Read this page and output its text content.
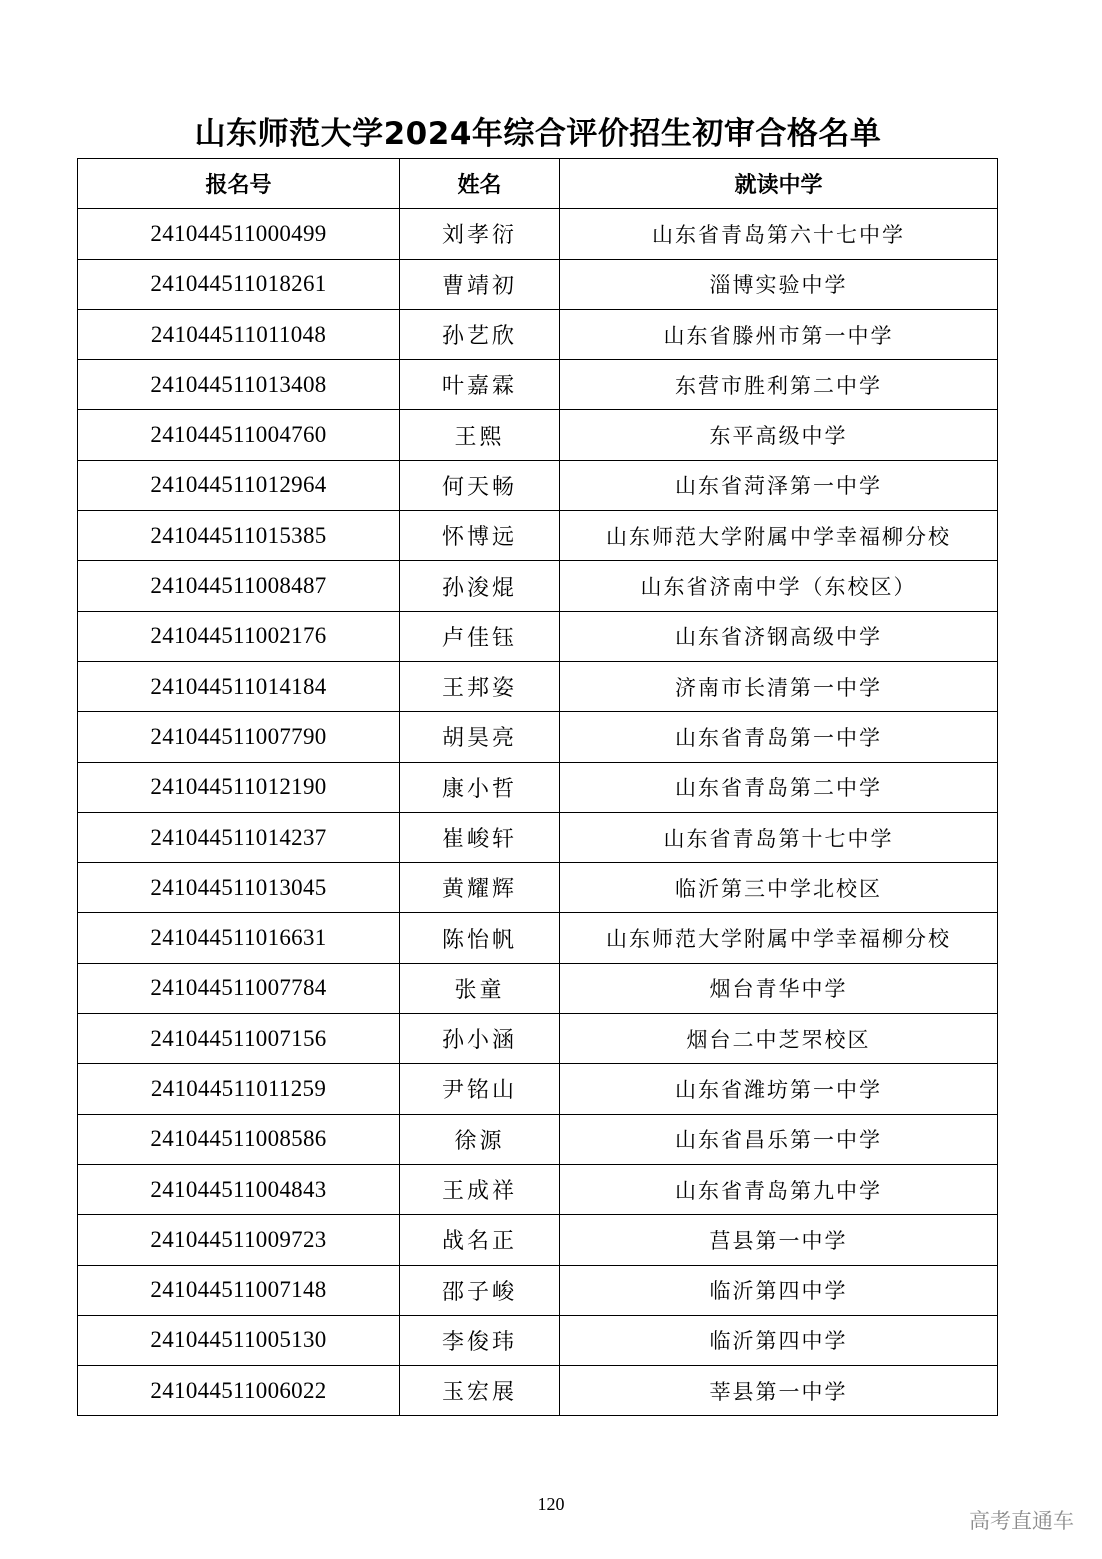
山东师范大学2024年综合评价招生初审合格名单
报名号	姓名	就读中学
241044511000499	刘孝衍	山东省青岛第六十七中学
241044511018261	曹靖初	淄博实验中学
241044511011048	孙艺欣	山东省滕州市第一中学
241044511013408	叶嘉霖	东营市胜利第二中学
241044511004760	王熙	东平高级中学
241044511012964	何天畅	山东省菏泽第一中学
241044511015385	怀博远	山东师范大学附属中学幸福柳分校
241044511008487	孙浚焜	山东省济南中学（东校区）
241044511002176	卢佳钰	山东省济钢高级中学
241044511014184	王邦姿	济南市长清第一中学
241044511007790	胡昊亮	山东省青岛第一中学
241044511012190	康小哲	山东省青岛第二中学
241044511014237	崔峻轩	山东省青岛第十七中学
241044511013045	黄耀辉	临沂第三中学北校区
241044511016631	陈怡帆	山东师范大学附属中学幸福柳分校
241044511007784	张童	烟台青华中学
241044511007156	孙小涵	烟台二中芝罘校区
241044511011259	尹铭山	山东省潍坊第一中学
241044511008586	徐源	山东省昌乐第一中学
241044511004843	王成祥	山东省青岛第九中学
241044511009723	战名正	莒县第一中学
241044511007148	邵子峻	临沂第四中学
241044511005130	李俊玮	临沂第四中学
241044511006022	玉宏展	莘县第一中学
120
高考直通车
